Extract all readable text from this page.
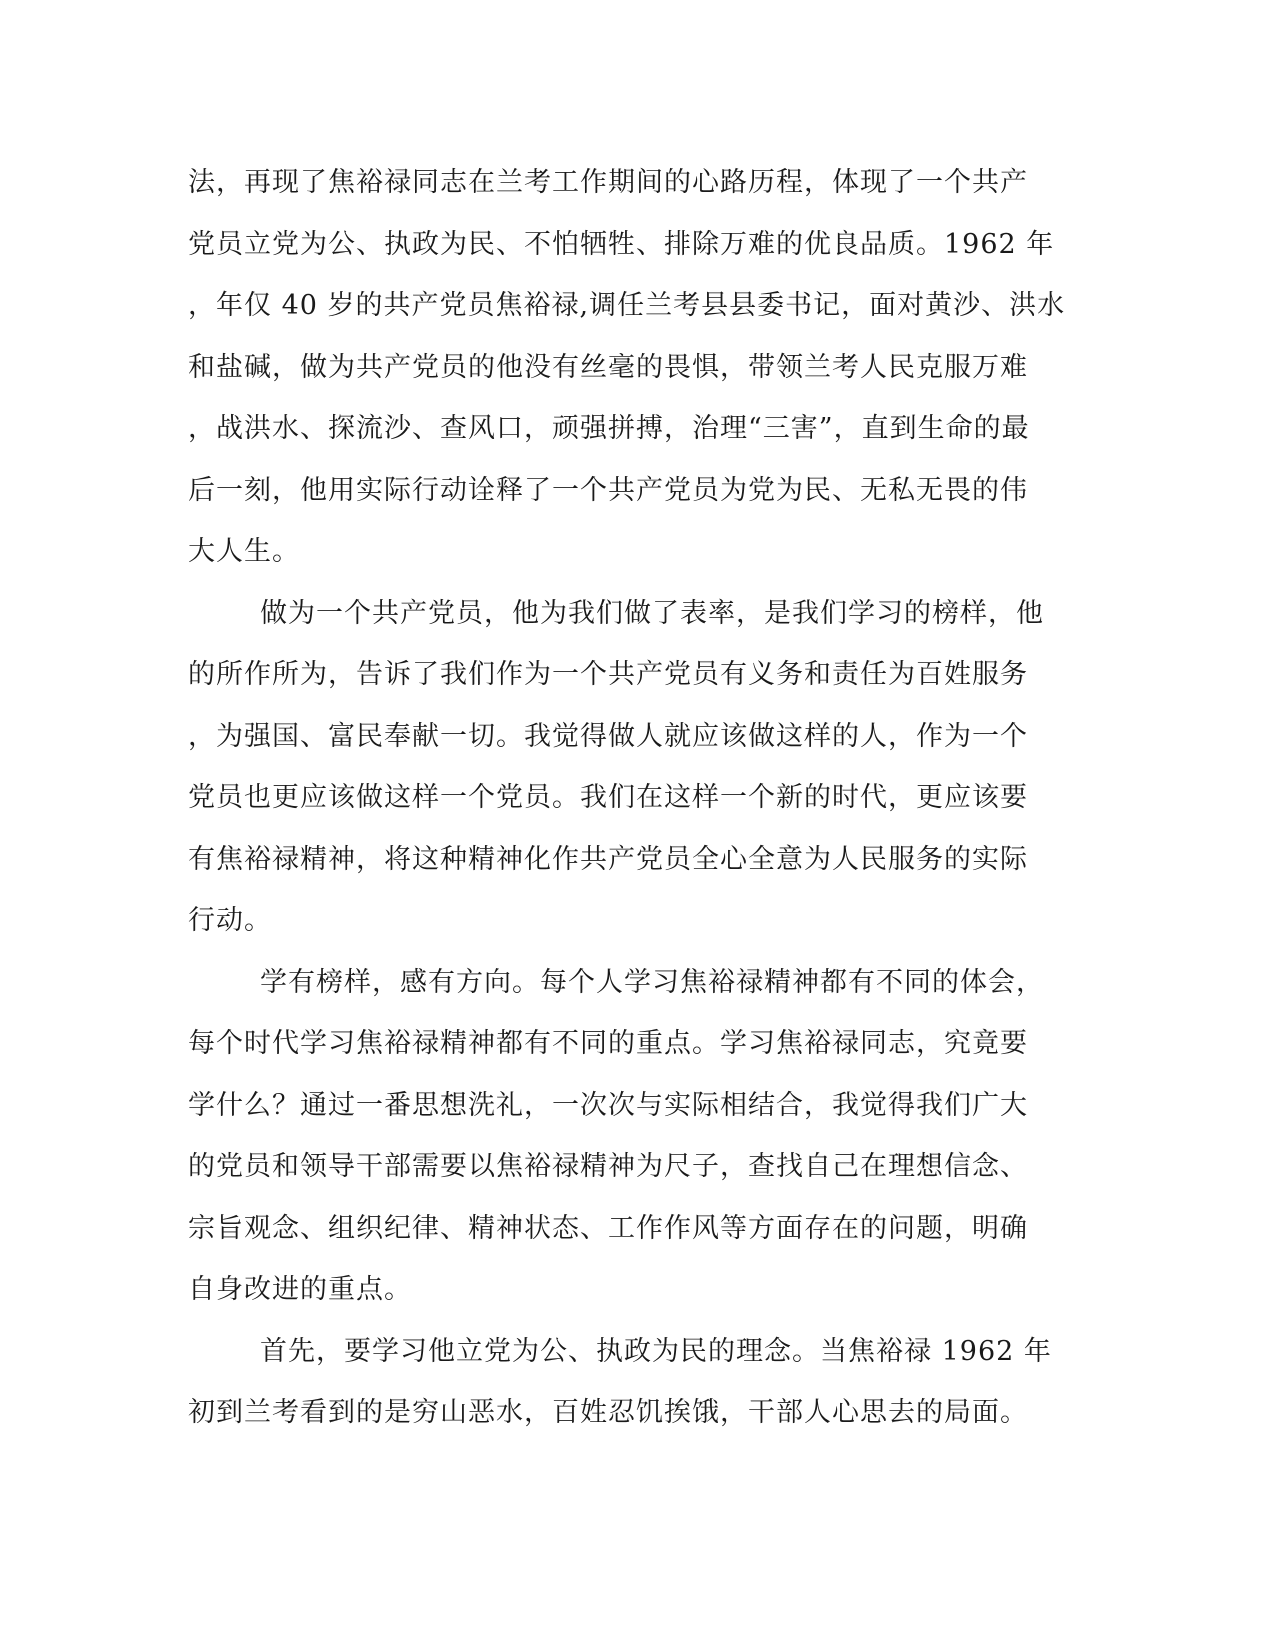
法，再现了焦裕禄同志在兰考工作期间的心路历程，体现了一个共产
党员立党为公、执政为民、不怕牺牲、排除万难的优良品质。1962 年
，年仅 40 岁的共产党员焦裕禄,调任兰考县县委书记，面对黄沙、洪水
和盐碱，做为共产党员的他没有丝毫的畏惧，带领兰考人民克服万难
，战洪水、探流沙、查风口，顽强拼搏，治理“三害”，直到生命的最
后一刻，他用实际行动诠释了一个共产党员为党为民、无私无畏的伟
大人生。
做为一个共产党员，他为我们做了表率，是我们学习的榜样，他
的所作所为，告诉了我们作为一个共产党员有义务和责任为百姓服务
，为强国、富民奉献一切。我觉得做人就应该做这样的人，作为一个
党员也更应该做这样一个党员。我们在这样一个新的时代，更应该要
有焦裕禄精神，将这种精神化作共产党员全心全意为人民服务的实际
行动。
学有榜样，感有方向。每个人学习焦裕禄精神都有不同的体会，
每个时代学习焦裕禄精神都有不同的重点。学习焦裕禄同志，究竟要
学什么？通过一番思想洗礼，一次次与实际相结合，我觉得我们广大
的党员和领导干部需要以焦裕禄精神为尺子，查找自己在理想信念、
宗旨观念、组织纪律、精神状态、工作作风等方面存在的问题，明确
自身改进的重点。
首先，要学习他立党为公、执政为民的理念。当焦裕禄 1962 年
初到兰考看到的是穷山恶水，百姓忍饥挨饿，干部人心思去的局面。
